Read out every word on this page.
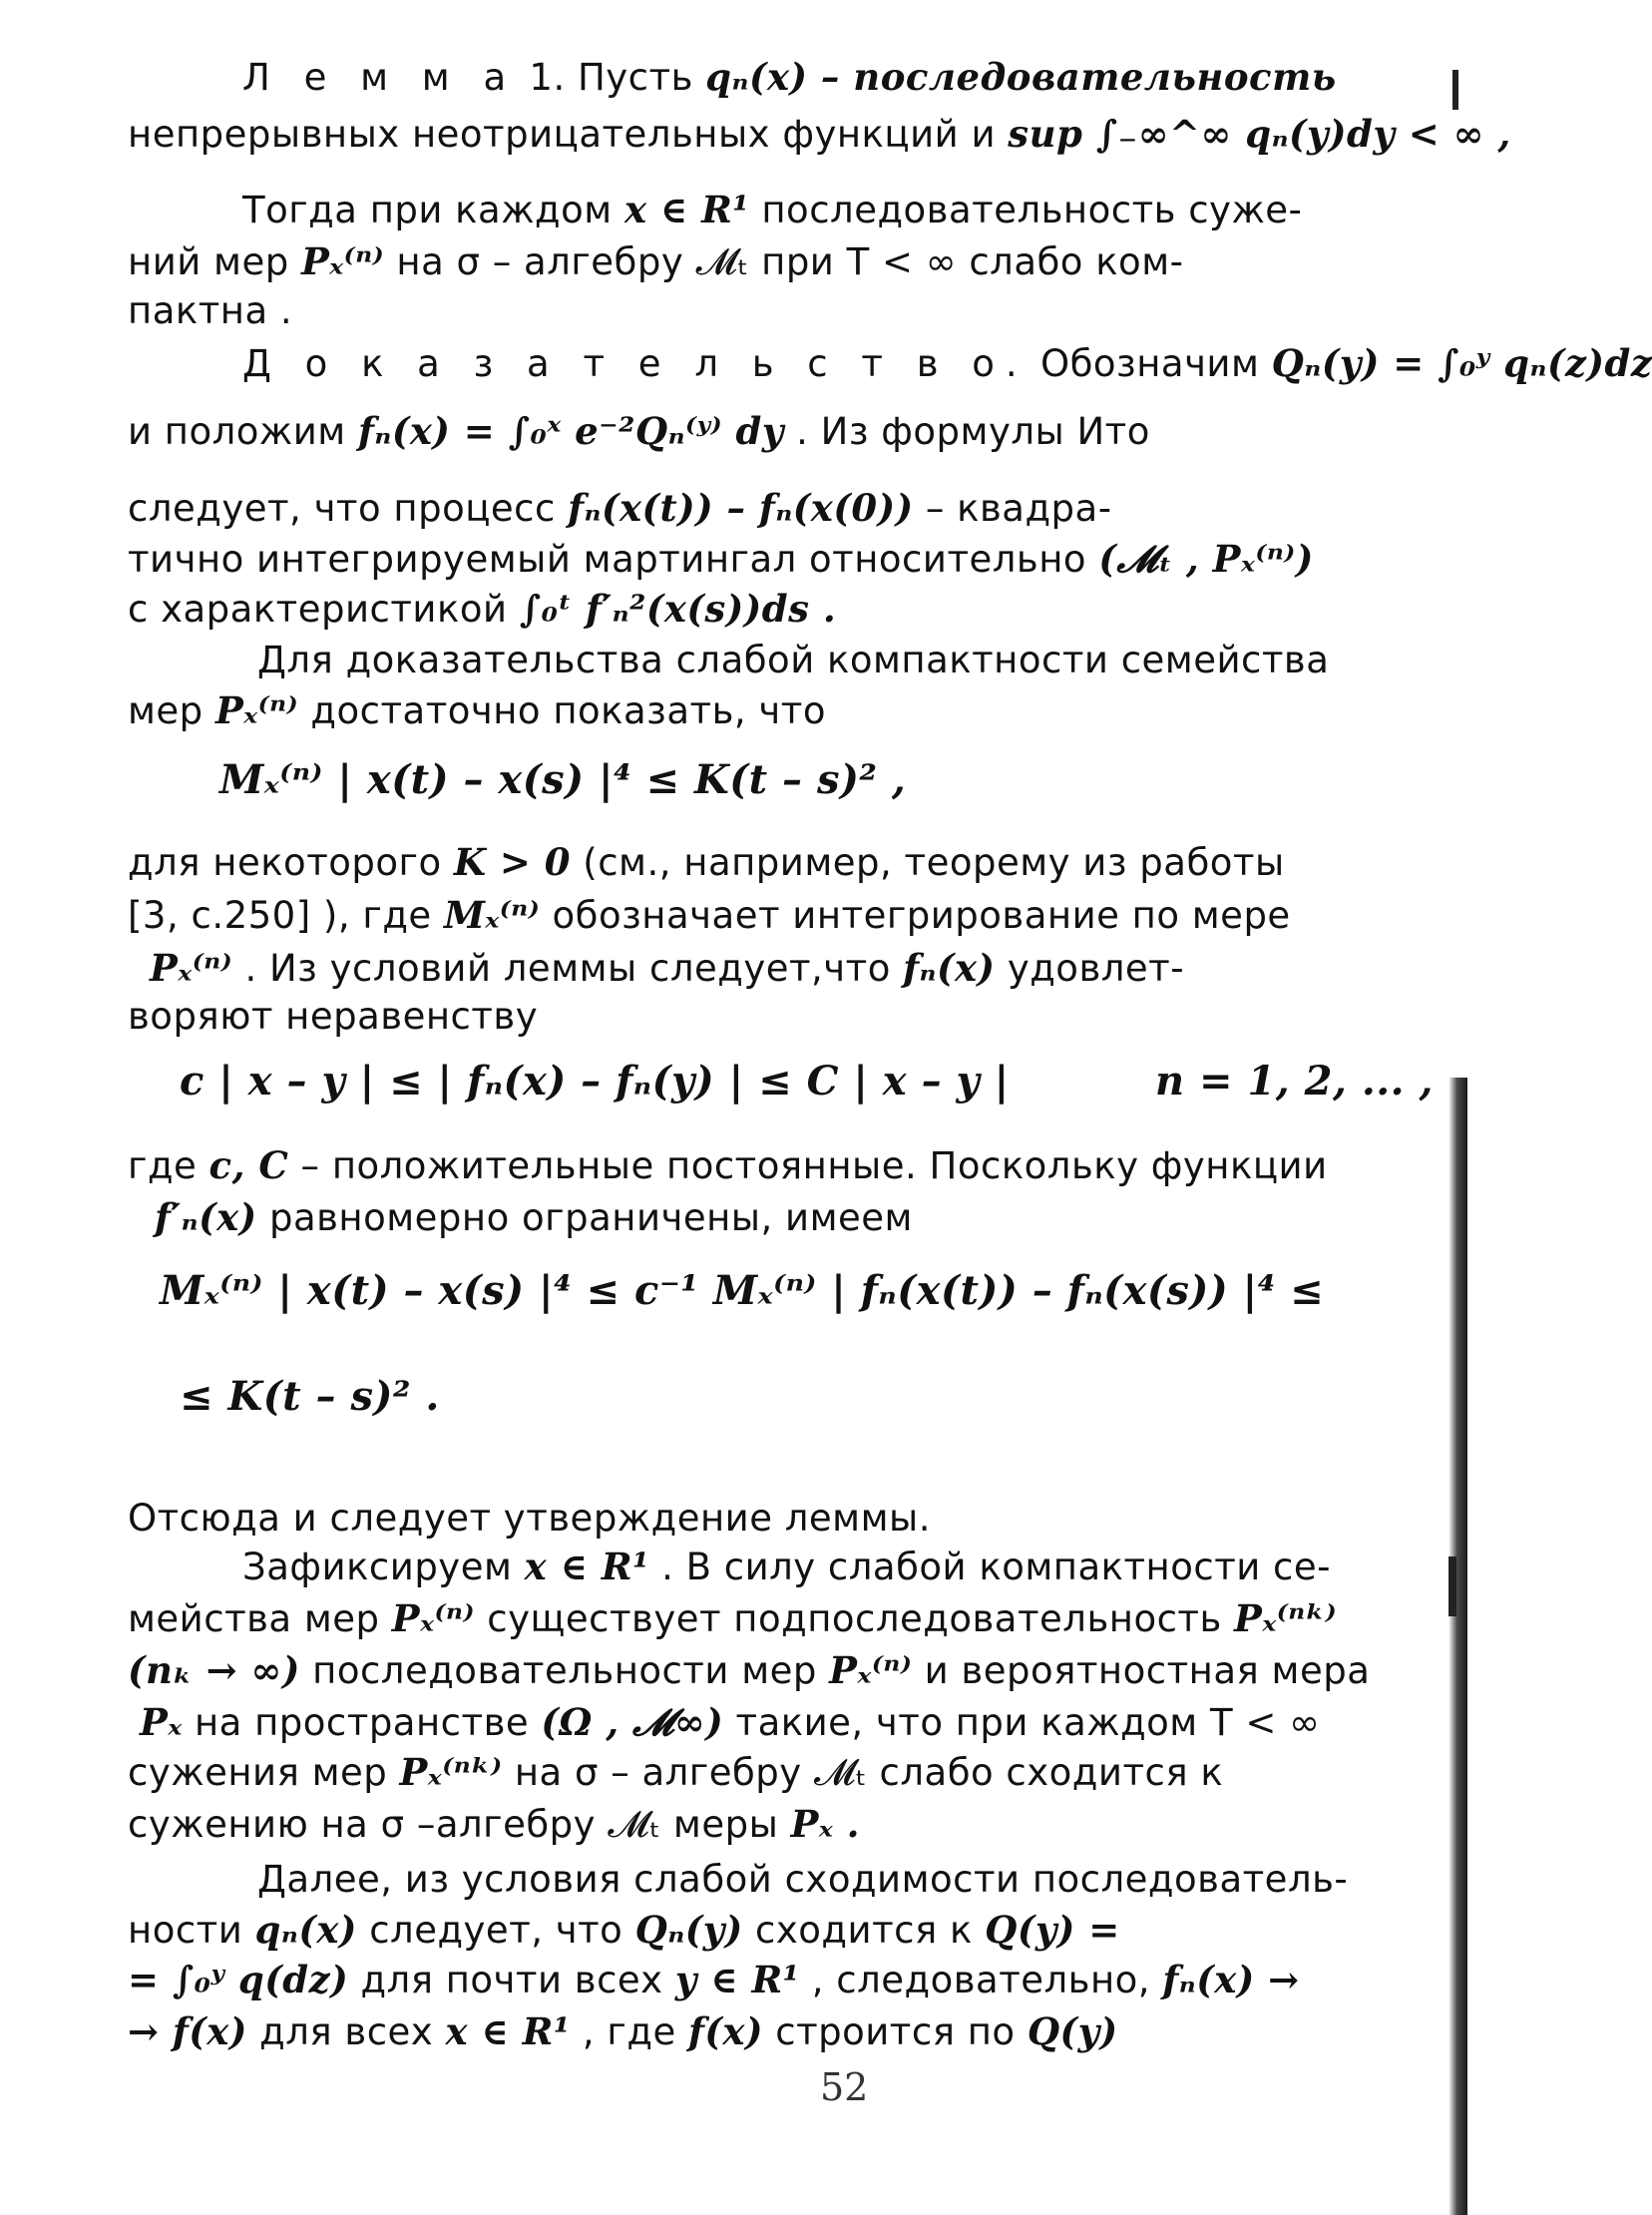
Л е м м а 1. Пусть qₙ(x) – последовательность
непрерывных неотрицательных функций и sup ∫₋∞^∞ qₙ(y)dy < ∞ ,
Тогда при каждом x ∈ R¹ последовательность суже-
ний мер Pₓ⁽ⁿ⁾ на σ – алгебру 𝓜ₜ при T < ∞ слабо ком-
пактна .
Д о к а з а т е л ь с т в о. Обозначим Qₙ(y) = ∫₀ʸ qₙ(z)dz
и положим fₙ(x) = ∫₀ˣ e⁻²Qₙ⁽ʸ⁾ dy . Из формулы Ито
следует, что процесс fₙ(x(t)) – fₙ(x(0)) – квадра-
тично интегрируемый мартингал относительно (𝓜ₜ , Pₓ⁽ⁿ⁾)
с характеристикой ∫₀ᵗ f′ₙ²(x(s))ds .
Для доказательства слабой компактности семейства
мер Pₓ⁽ⁿ⁾ достаточно показать, что
Mₓ⁽ⁿ⁾ | x(t) – x(s) |⁴ ≤ K(t – s)² ,
для некоторого K > 0 (см., например, теорему из работы
[3, с.250] ), где Mₓ⁽ⁿ⁾ обозначает интегрирование по мере
Pₓ⁽ⁿ⁾ . Из условий леммы следует,что fₙ(x) удовлет-
воряют неравенству
c | x – y | ≤ | fₙ(x) – fₙ(y) | ≤ C | x – y |	n = 1, 2, ... ,
где c, C – положительные постоянные. Поскольку функции
f′ₙ(x) равномерно ограничены, имеем
Mₓ⁽ⁿ⁾ | x(t) – x(s) |⁴ ≤ c⁻¹ Mₓ⁽ⁿ⁾ | fₙ(x(t)) – fₙ(x(s)) |⁴ ≤
≤ K(t – s)² .
Отсюда и следует утверждение леммы.
Зафиксируем x ∈ R¹ . В силу слабой компактности се-
мейства мер Pₓ⁽ⁿ⁾ существует подпоследовательность Pₓ⁽ⁿᵏ⁾
(nₖ → ∞) последовательности мер Pₓ⁽ⁿ⁾ и вероятностная мера
Pₓ на пространстве (Ω , 𝓜∞) такие, что при каждом T < ∞
сужения мер Pₓ⁽ⁿᵏ⁾ на σ – алгебру 𝓜ₜ слабо сходится к
сужению на σ –алгебру 𝓜ₜ меры Pₓ .
Далее, из условия слабой сходимости последователь-
ности qₙ(x) следует, что Qₙ(y) сходится к Q(y) =
= ∫₀ʸ q(dz) для почти всех y ∈ R¹ , следовательно, fₙ(x) →
→ f(x) для всех x ∈ R¹ , где f(x) строится по Q(y)
52
